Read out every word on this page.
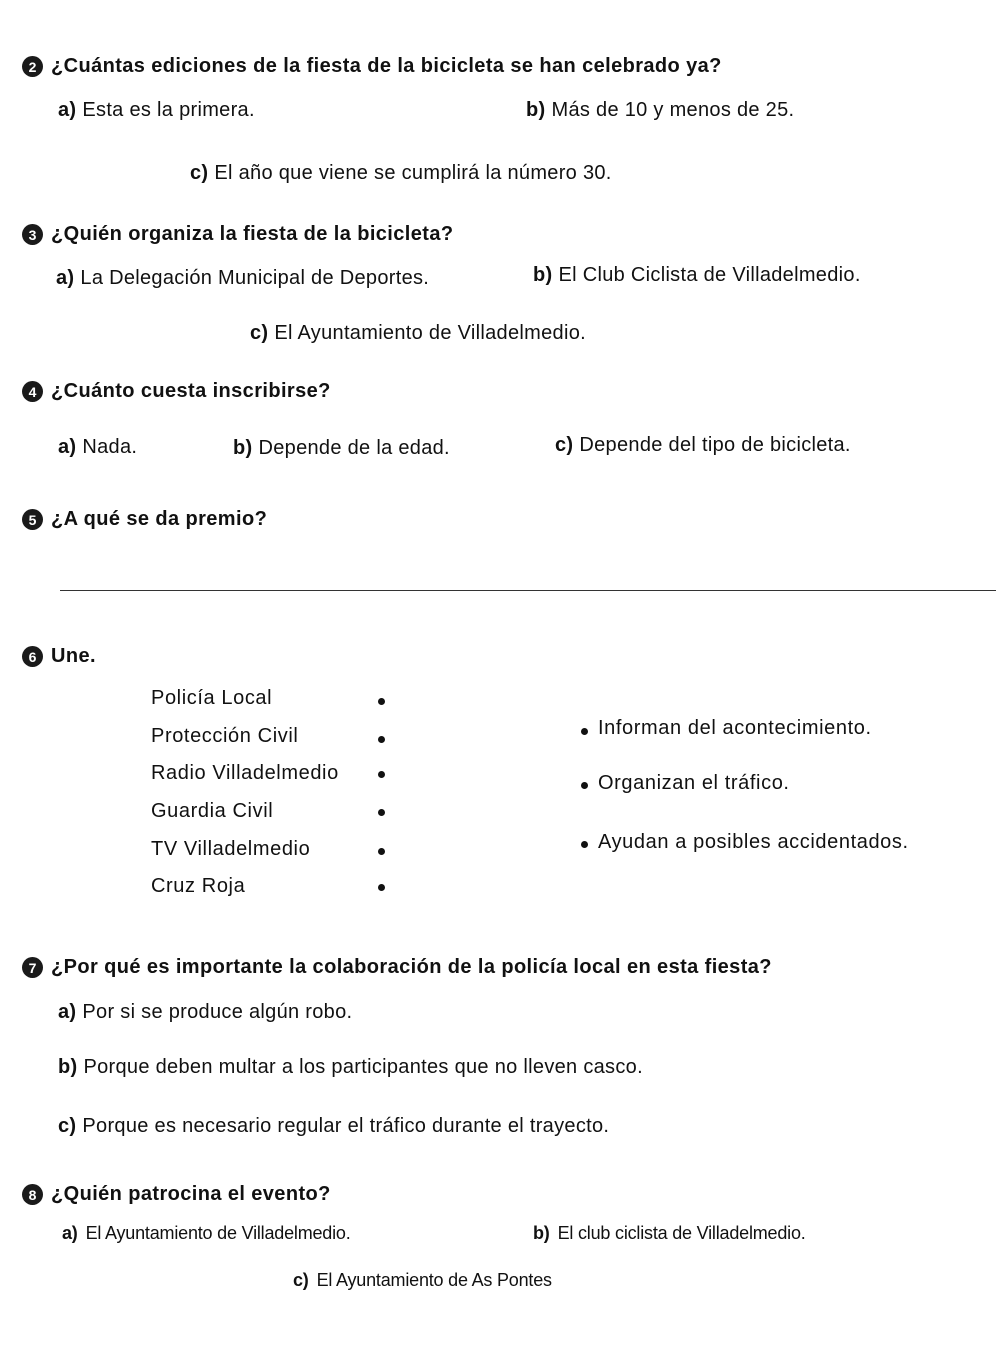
2 ¿Cuántas ediciones de la fiesta de la bicicleta se han celebrado ya?
a) Esta es la primera.	b) Más de 10 y menos de 25.
c) El año que viene se cumplirá la número 30.
3 ¿Quién organiza la fiesta de la bicicleta?
a) La Delegación Municipal de Deportes.	b) El Club Ciclista de Villadelmedio.
c) El Ayuntamiento de Villadelmedio.
4 ¿Cuánto cuesta inscribirse?
a) Nada.	b) Depende de la edad.	c) Depende del tipo de bicicleta.
5 ¿A qué se da premio?
6 Une.
Policía Local
Protección Civil
Radio Villadelmedio
Guardia Civil
TV Villadelmedio
Cruz Roja
Informan del acontecimiento.
Organizan el tráfico.
Ayudan a posibles accidentados.
7 ¿Por qué es importante la colaboración de la policía local en esta fiesta?
a) Por si se produce algún robo.
b) Porque deben multar a los participantes que no lleven casco.
c) Porque es necesario regular el tráfico durante el trayecto.
8 ¿Quién patrocina el evento?
a) El Ayuntamiento de Villadelmedio.	b) El club ciclista de Villadelmedio.
c) El Ayuntamiento de As Pontes
